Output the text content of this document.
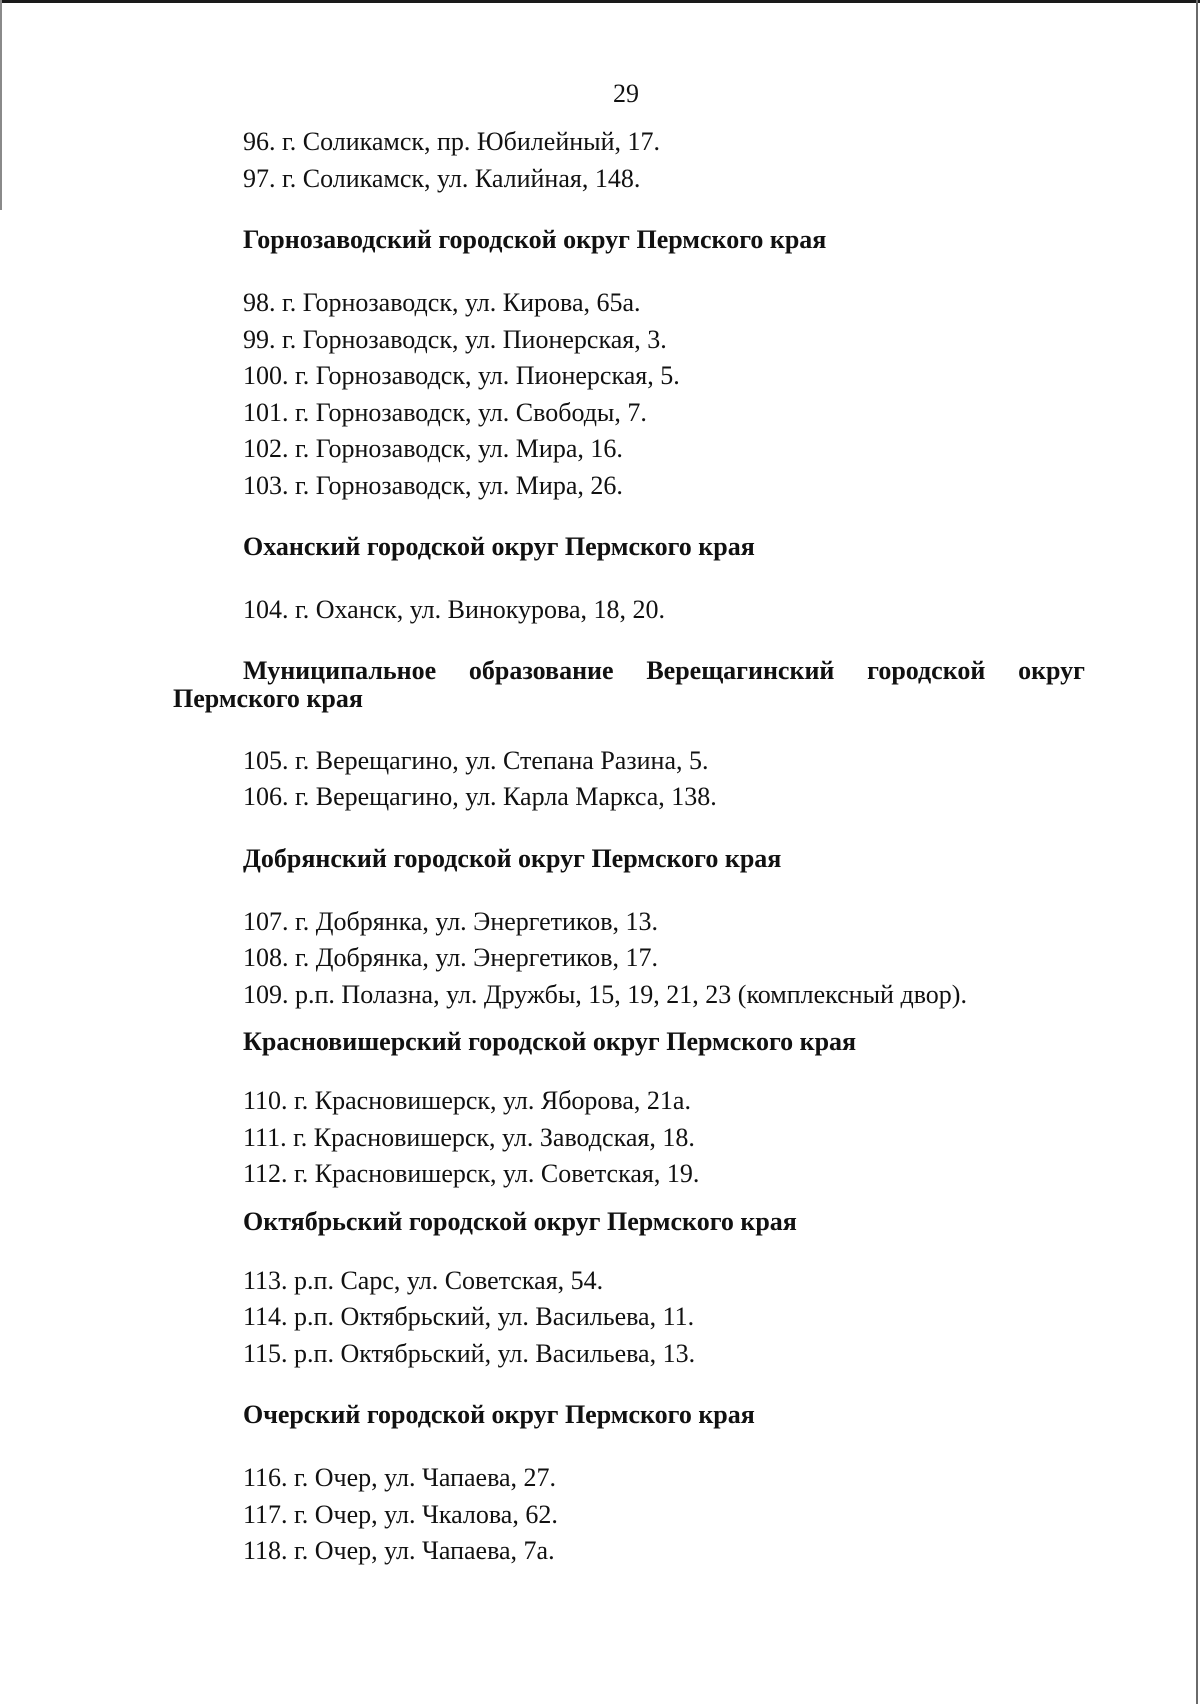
29
96. г. Соликамск, пр. Юбилейный, 17.
97. г. Соликамск, ул. Калийная, 148.
Горнозаводский городской округ Пермского края
98. г. Горнозаводск, ул. Кирова, 65а.
99. г. Горнозаводск, ул. Пионерская, 3.
100. г. Горнозаводск, ул. Пионерская, 5.
101. г. Горнозаводск, ул. Свободы, 7.
102. г. Горнозаводск, ул. Мира, 16.
103. г. Горнозаводск, ул. Мира, 26.
Оханский городской округ Пермского края
104. г. Оханск, ул. Винокурова, 18, 20.
Муниципальное образование Верещагинский городской округ Пермского края
105. г. Верещагино, ул. Степана Разина, 5.
106. г. Верещагино, ул. Карла Маркса, 138.
Добрянский городской округ Пермского края
107. г. Добрянка, ул. Энергетиков, 13.
108. г. Добрянка, ул. Энергетиков, 17.
109. р.п. Полазна, ул. Дружбы, 15, 19, 21, 23 (комплексный двор).
Красновишерский городской округ Пермского края
110. г. Красновишерск, ул. Яборова, 21а.
111. г. Красновишерск, ул. Заводская, 18.
112. г. Красновишерск, ул. Советская, 19.
Октябрьский городской округ Пермского края
113. р.п. Сарс, ул. Советская, 54.
114. р.п. Октябрьский, ул. Васильева, 11.
115. р.п. Октябрьский, ул. Васильева, 13.
Очерский городской округ Пермского края
116. г. Очер, ул. Чапаева, 27.
117. г. Очер, ул. Чкалова, 62.
118. г. Очер, ул. Чапаева, 7а.
